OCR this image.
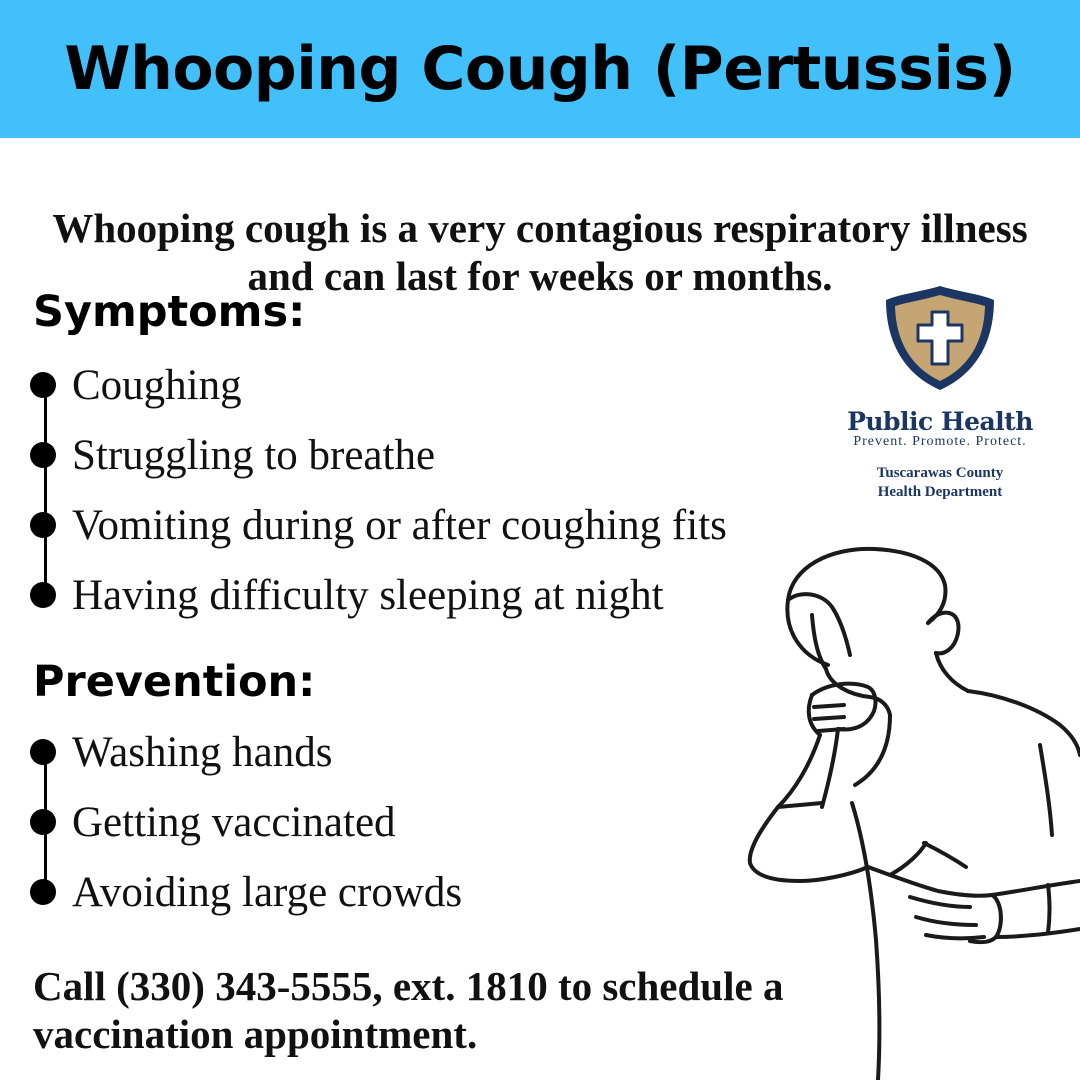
Whooping Cough (Pertussis)

Whooping cough is a very contagious respiratory illness and can last for weeks or months.

Symptoms:
Coughing
Struggling to breathe
Vomiting during or after coughing fits
Having difficulty sleeping at night
Prevention:
Washing hands
Getting vaccinated
Avoiding large crowds

Call (330) 343-5555, ext. 1810 to schedule a vaccination appointment.

Public Health
Prevent. Promote. Protect.
Tuscarawas County
Health Department
